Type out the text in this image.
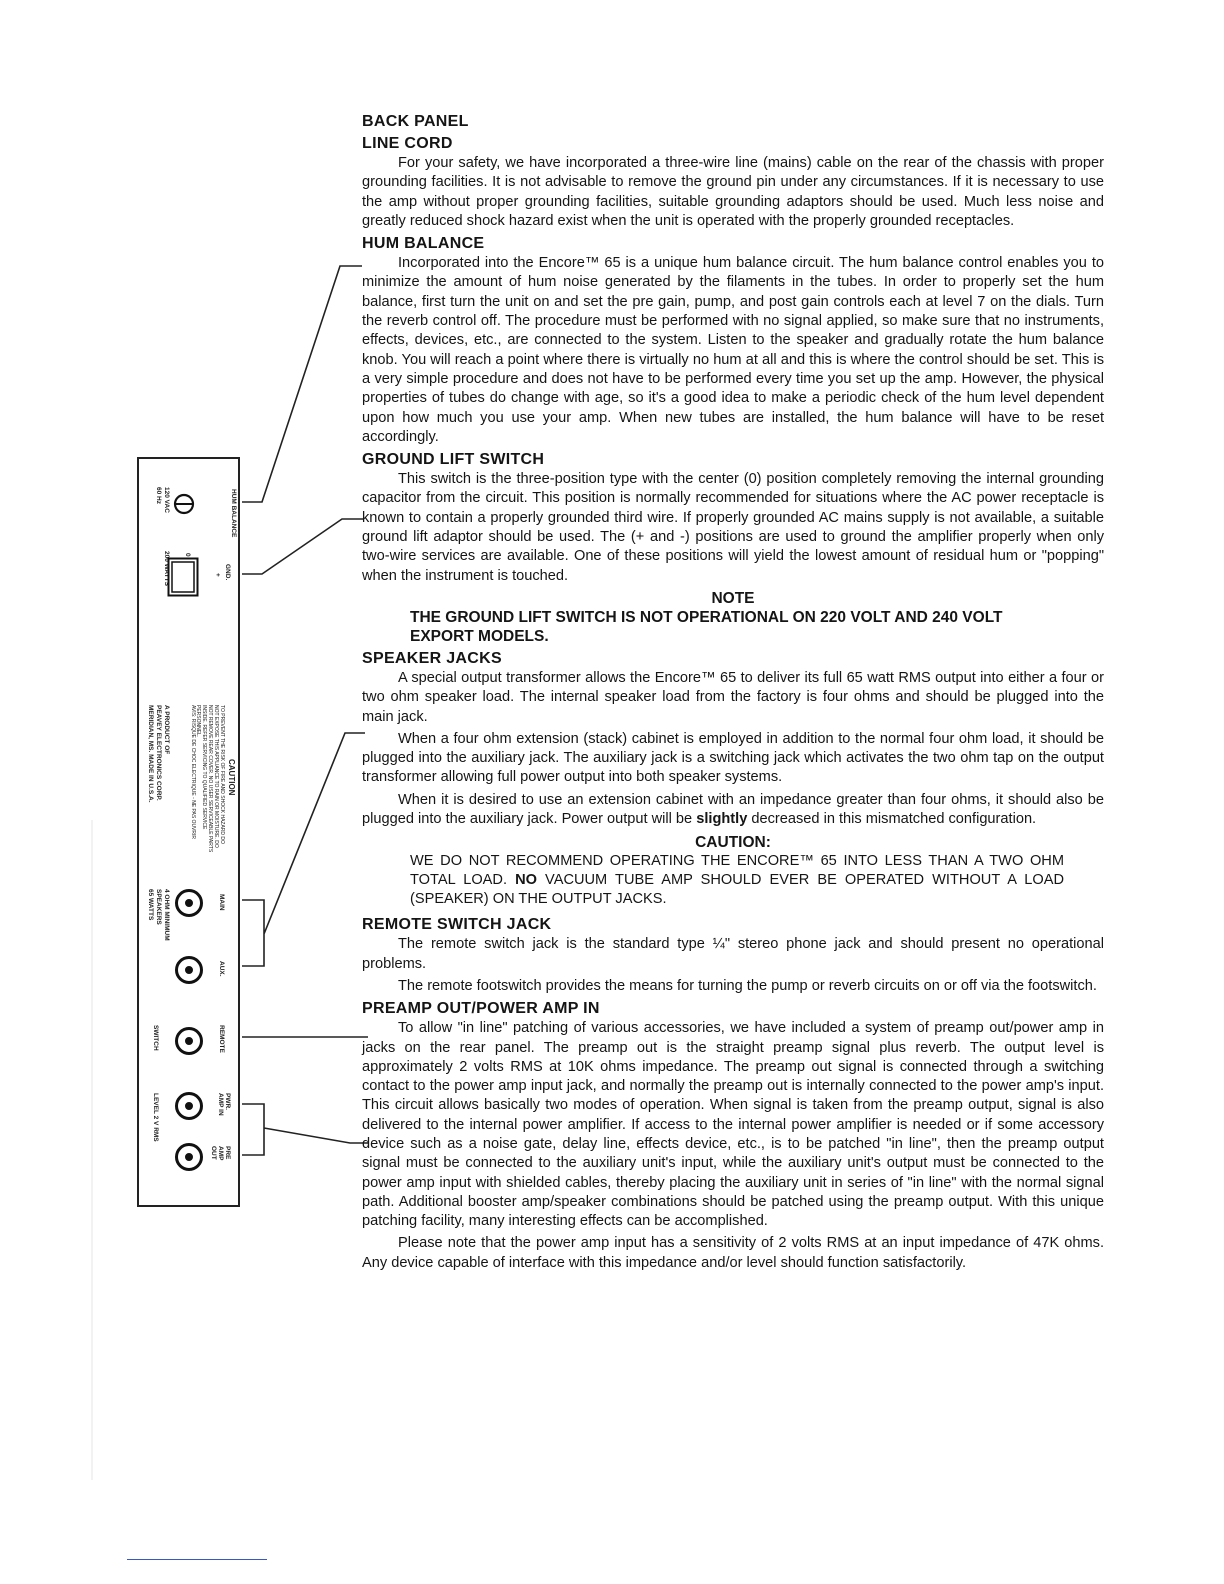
HUM BALANCE
120 VAC
60 Hz
200 WATTS	GND.
+
0
CAUTION
TO PREVENT THE RISK OF FIRE AND SHOCK HAZARD DO NOT EXPOSE THIS APPLIANCE TO RAIN OR MOISTURE. DO NOT REMOVE REAR COVER. NO USER SERVICEABLE PARTS INSIDE. REFER SERVICING TO QUALIFIED SERVICE PERSONNEL.
AVIS: RISQUE DE CHOC ELECTRIQUE - NE PAS OUVRIR
A PRODUCT OF
PEAVEY ELECTRONICS CORP.
MERIDIAN, MS. MADE IN U.S.A.
MAIN
4 OHM MINIMUM
SPEAKERS
65 WATTS
AUX.
REMOTE
SWITCH
PWR. AMP IN
PRE AMP OUT
LEVEL 2 V RMS
BACK PANEL
LINE CORD

For your safety, we have incorporated a three-wire line (mains) cable on the rear of the chassis with proper grounding facilities. It is not advisable to remove the ground pin under any circumstances. If it is necessary to use the amp without proper grounding facilities, suitable grounding adaptors should be used. Much less noise and greatly reduced shock hazard exist when the unit is operated with the properly grounded receptacles.

HUM BALANCE

Incorporated into the Encore™ 65 is a unique hum balance circuit. The hum balance control enables you to minimize the amount of hum noise generated by the filaments in the tubes. In order to properly set the hum balance, first turn the unit on and set the pre gain, pump, and post gain controls each at level 7 on the dials. Turn the reverb control off. The procedure must be performed with no signal applied, so make sure that no instruments, effects, devices, etc., are connected to the system. Listen to the speaker and gradually rotate the hum balance knob. You will reach a point where there is virtually no hum at all and this is where the control should be set. This is a very simple procedure and does not have to be performed every time you set up the amp. However, the physical properties of tubes do change with age, so it's a good idea to make a periodic check of the hum level dependent upon how much you use your amp. When new tubes are installed, the hum balance will have to be reset accordingly.

GROUND LIFT SWITCH

This switch is the three-position type with the center (0) position completely removing the internal grounding capacitor from the circuit. This position is normally recommended for situations where the AC power receptacle is known to contain a properly grounded third wire. If properly grounded AC mains supply is not available, a suitable ground lift adaptor should be used. The (+ and -) positions are used to ground the amplifier properly when only two-wire services are available. One of these positions will yield the lowest amount of residual hum or "popping" when the instrument is touched.

NOTE
THE GROUND LIFT SWITCH IS NOT OPERATIONAL ON 220 VOLT AND 240 VOLT EXPORT MODELS.
SPEAKER JACKS

A special output transformer allows the Encore™ 65 to deliver its full 65 watt RMS output into either a four or two ohm speaker load. The internal speaker load from the factory is four ohms and should be plugged into the main jack.

When a four ohm extension (stack) cabinet is employed in addition to the normal four ohm load, it should be plugged into the auxiliary jack. The auxiliary jack is a switching jack which activates the two ohm tap on the output transformer allowing full power output into both speaker systems.

When it is desired to use an extension cabinet with an impedance greater than four ohms, it should also be plugged into the auxiliary jack. Power output will be slightly decreased in this mismatched configuration.

CAUTION:
WE DO NOT RECOMMEND OPERATING THE ENCORE™ 65 INTO LESS THAN A TWO OHM TOTAL LOAD. NO VACUUM TUBE AMP SHOULD EVER BE OPERATED WITHOUT A LOAD (SPEAKER) ON THE OUTPUT JACKS.
REMOTE SWITCH JACK

The remote switch jack is the standard type ¼" stereo phone jack and should present no operational problems.

The remote footswitch provides the means for turning the pump or reverb circuits on or off via the footswitch.

PREAMP OUT/POWER AMP IN

To allow "in line" patching of various accessories, we have included a system of preamp out/power amp in jacks on the rear panel. The preamp out is the straight preamp signal plus reverb. The output level is approximately 2 volts RMS at 10K ohms impedance. The preamp out signal is connected through a switching contact to the power amp input jack, and normally the preamp out is internally connected to the power amp's input. This circuit allows basically two modes of operation. When signal is taken from the preamp output, signal is also delivered to the internal power amplifier. If access to the internal power amplifier is needed or if some accessory device such as a noise gate, delay line, effects device, etc., is to be patched "in line", then the preamp output signal must be connected to the auxiliary unit's input, while the auxiliary unit's output must be connected to the power amp input with shielded cables, thereby placing the auxiliary unit in series of "in line" with the normal signal path. Additional booster amp/speaker combinations should be patched using the preamp output. With this unique patching facility, many interesting effects can be accomplished.

Please note that the power amp input has a sensitivity of 2 volts RMS at an input impedance of 47K ohms. Any device capable of interface with this impedance and/or level should function satisfactorily.
